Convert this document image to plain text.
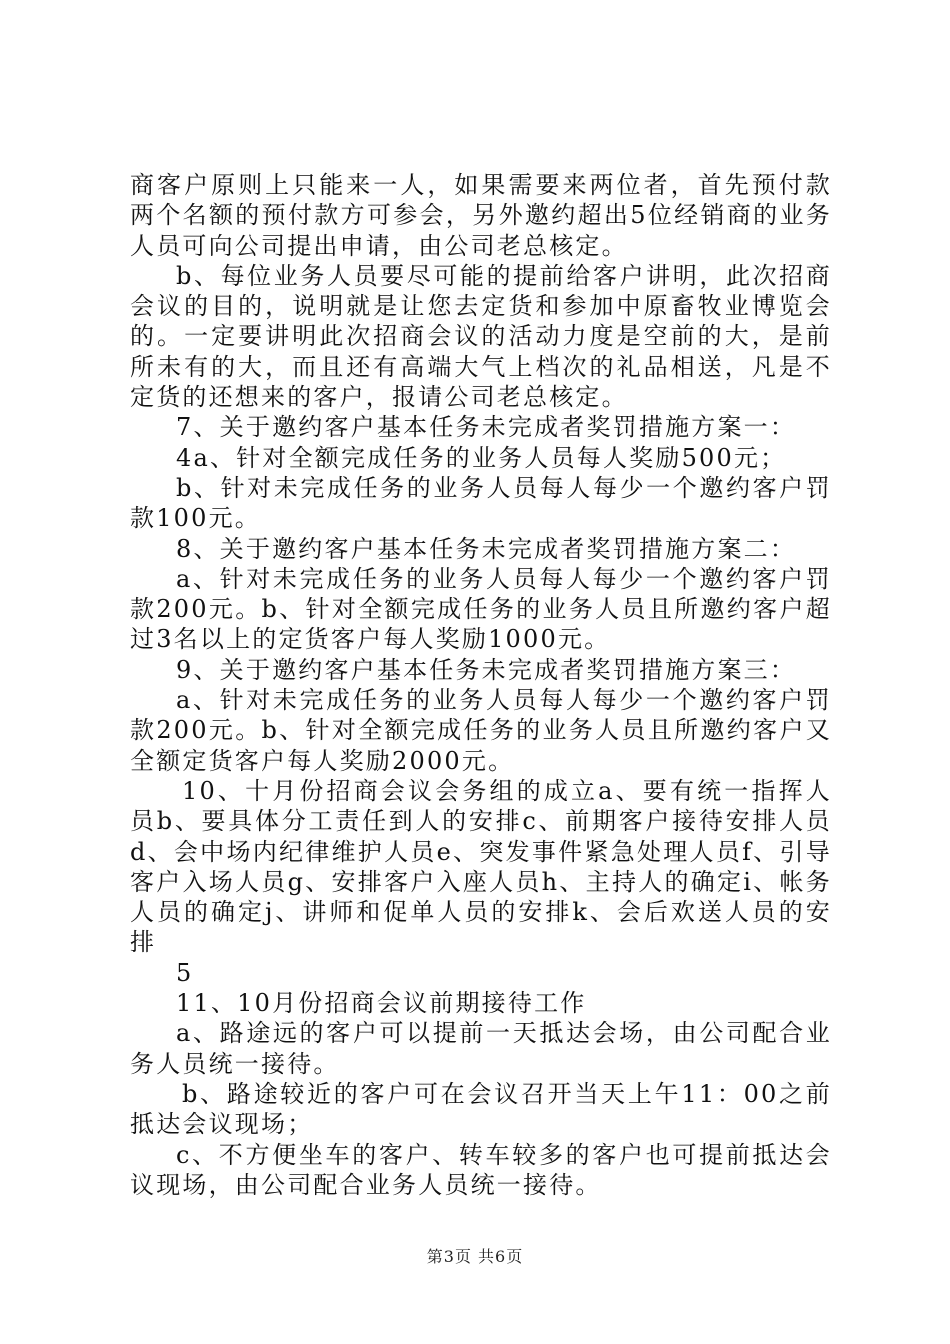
商客户原则上只能来一人，如果需要来两位者，首先预付款两个名额的预付款方可参会，另外邀约超出5位经销商的业务人员可向公司提出申请，由公司老总核定。

b、每位业务人员要尽可能的提前给客户讲明，此次招商会议的目的，说明就是让您去定货和参加中原畜牧业博览会的。一定要讲明此次招商会议的活动力度是空前的大，是前所未有的大，而且还有高端大气上档次的礼品相送，凡是不定货的还想来的客户，报请公司老总核定。

7、关于邀约客户基本任务未完成者奖罚措施方案一：

4a、针对全额完成任务的业务人员每人奖励500元；

b、针对未完成任务的业务人员每人每少一个邀约客户罚款100元。

8、关于邀约客户基本任务未完成者奖罚措施方案二：

a、针对未完成任务的业务人员每人每少一个邀约客户罚款200元。b、针对全额完成任务的业务人员且所邀约客户超过3名以上的定货客户每人奖励1000元。

9、关于邀约客户基本任务未完成者奖罚措施方案三：

a、针对未完成任务的业务人员每人每少一个邀约客户罚款200元。b、针对全额完成任务的业务人员且所邀约客户又全额定货客户每人奖励2000元。

10、十月份招商会议会务组的成立a、要有统一指挥人员b、要具体分工责任到人的安排c、前期客户接待安排人员d、会中场内纪律维护人员e、突发事件紧急处理人员f、引导客户入场人员g、安排客户入座人员h、主持人的确定i、帐务人员的确定j、讲师和促单人员的安排k、会后欢送人员的安排

5

11、10月份招商会议前期接待工作

a、路途远的客户可以提前一天抵达会场，由公司配合业务人员统一接待。

b、路途较近的客户可在会议召开当天上午11：00之前抵达会议现场；

c、不方便坐车的客户、转车较多的客户也可提前抵达会议现场，由公司配合业务人员统一接待。

第3页 共6页
